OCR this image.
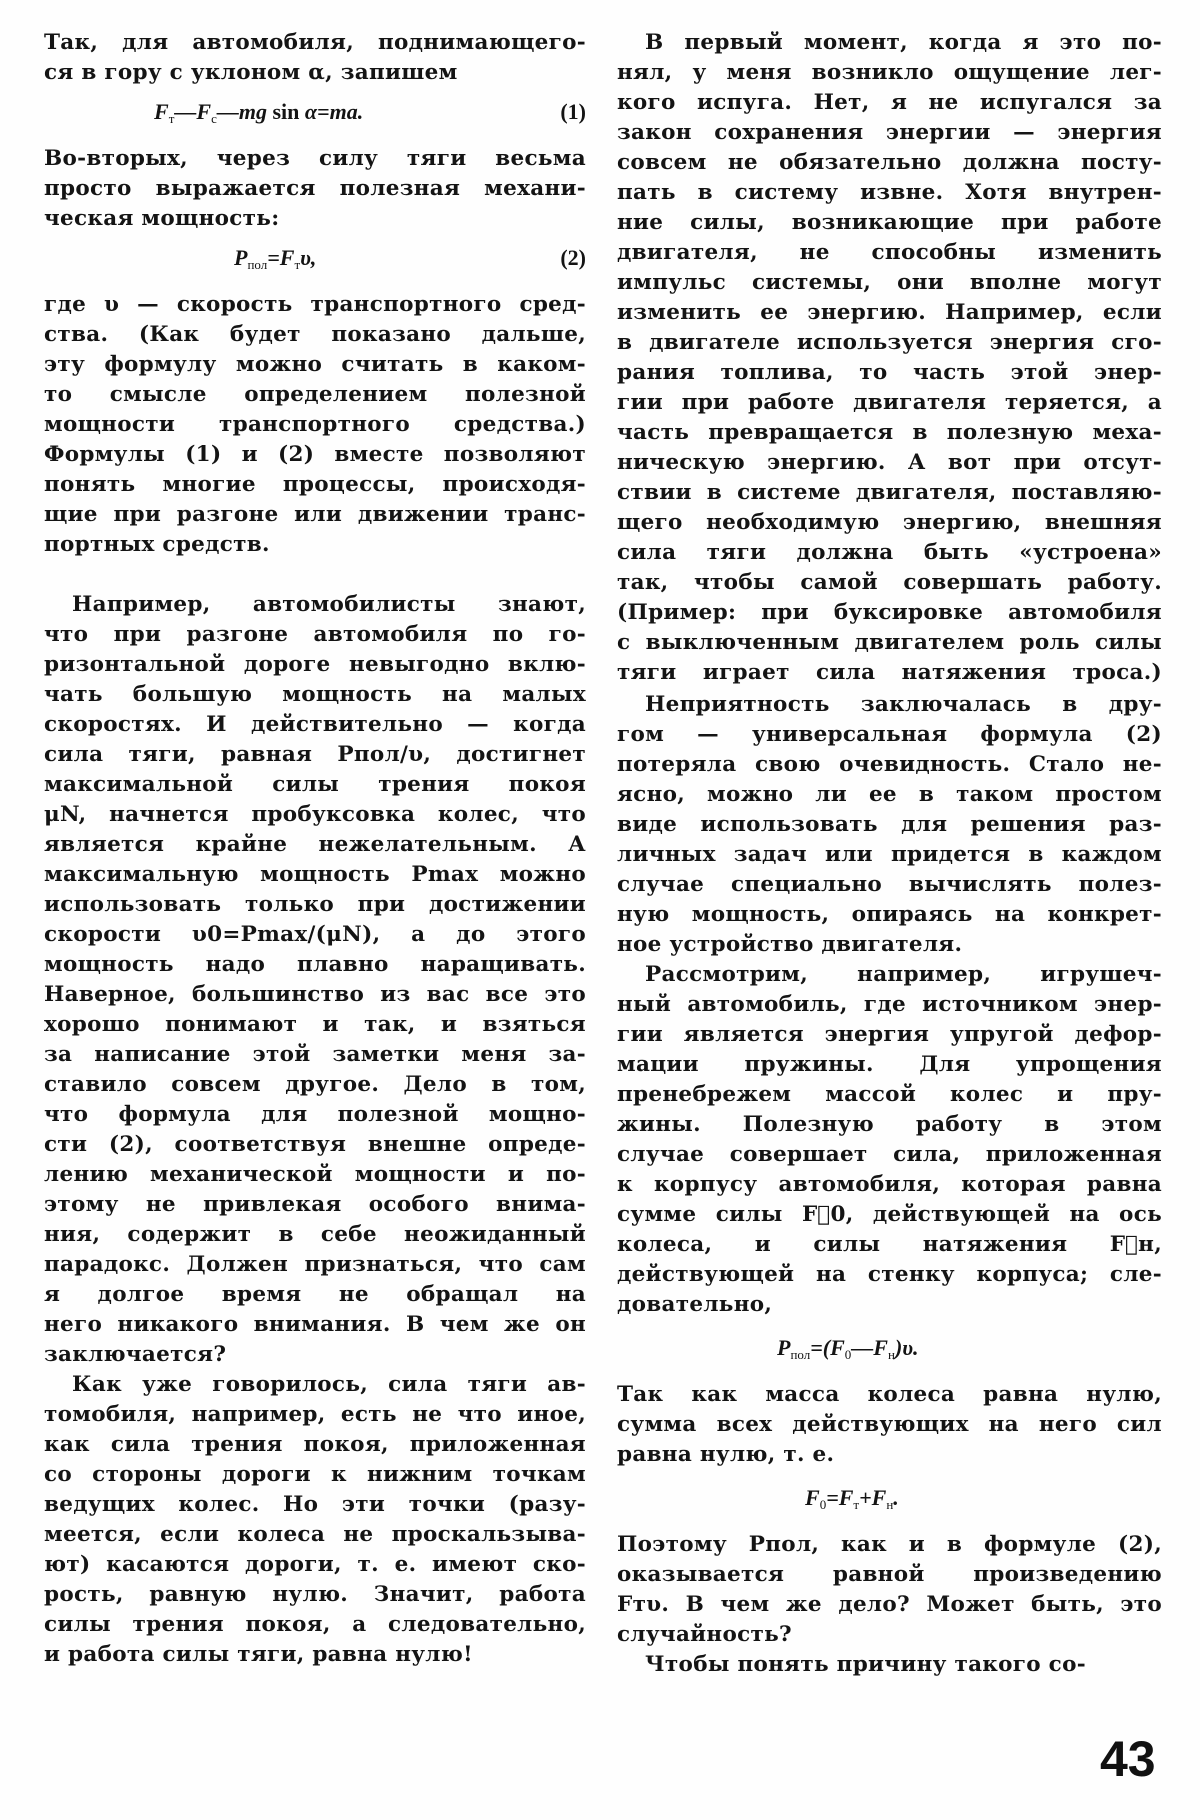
Так, для автомобиля, поднимающего-
ся в гору с уклоном α, запишем
$F_т—F_с—mg$ sin α=ma.	(1)
Во-вторых, через силу тяги весьма
просто выражается полезная механи-
ческая мощность:
$P_{пол}=F_т\upsilon$,	(2)
где υ — скорость транспортного сред-
ства. (Как будет показано дальше,
эту формулу можно считать в каком-
то смысле определением полезной
мощности транспортного средства.)
Формулы (1) и (2) вместе позволяют
понять многие процессы, происходя-
щие при разгоне или движении транс-
портных средств.
Например, автомобилисты знают,
что при разгоне автомобиля по го-
ризонтальной дороге невыгодно вклю-
чать большую мощность на малых
скоростях. И действительно — когда
сила тяги, равная Pпол/υ, достигнет
максимальной силы трения покоя
μN, начнется пробуксовка колес, что
является крайне нежелательным. А
максимальную мощность Pmax можно
использовать только при достижении
скорости υ0=Pmax/(μN), а до этого
мощность надо плавно наращивать.
Наверное, большинство из вас все это
хорошо понимают и так, и взяться
за написание этой заметки меня за-
ставило совсем другое. Дело в том,
что формула для полезной мощно-
сти (2), соответствуя внешне опреде-
лению механической мощности и по-
этому не привлекая особого внима-
ния, содержит в себе неожиданный
парадокс. Должен признаться, что сам
я долгое время не обращал на
него никакого внимания. В чем же он
заключается?
Как уже говорилось, сила тяги ав-
томобиля, например, есть не что иное,
как сила трения покоя, приложенная
со стороны дороги к нижним точкам
ведущих колес. Но эти точки (разу-
меется, если колеса не проскальзыва-
ют) касаются дороги, т. е. имеют ско-
рость, равную нулю. Значит, работа
силы трения покоя, а следовательно,
и работа силы тяги, равна нулю!
В первый момент, когда я это по-
нял, у меня возникло ощущение лег-
кого испуга. Нет, я не испугался за
закон сохранения энергии — энергия
совсем не обязательно должна посту-
пать в систему извне. Хотя внутрен-
ние силы, возникающие при работе
двигателя, не способны изменить
импульс системы, они вполне могут
изменить ее энергию. Например, если
в двигателе используется энергия сго-
рания топлива, то часть этой энер-
гии при работе двигателя теряется, а
часть превращается в полезную меха-
ническую энергию. А вот при отсут-
ствии в системе двигателя, поставляю-
щего необходимую энергию, внешняя
сила тяги должна быть «устроена»
так, чтобы самой совершать работу.
(Пример: при буксировке автомобиля
с выключенным двигателем роль силы
тяги играет сила натяжения троса.)
Неприятность заключалась в дру-
гом — универсальная формула (2)
потеряла свою очевидность. Стало не-
ясно, можно ли ее в таком простом
виде использовать для решения раз-
личных задач или придется в каждом
случае специально вычислять полез-
ную мощность, опираясь на конкрет-
ное устройство двигателя.
Рассмотрим, например, игрушеч-
ный автомобиль, где источником энер-
гии является энергия упругой дефор-
мации пружины. Для упрощения
пренебрежем массой колес и пру-
жины. Полезную работу в этом
случае совершает сила, приложенная
к корпусу автомобиля, которая равна
сумме силы F⃗0, действующей на ось
колеса, и силы натяжения F⃗н,
действующей на стенку корпуса; сле-
довательно,
$P_{пол}=(F_0—F_н)\upsilon$.
Так как масса колеса равна нулю,
сумма всех действующих на него сил
равна нулю, т. е.
$F_0=F_т+F_н$.
Поэтому Pпол, как и в формуле (2),
оказывается равной произведению
Fтυ. В чем же дело? Может быть, это
случайность?
Чтобы понять причину такого со-
43
